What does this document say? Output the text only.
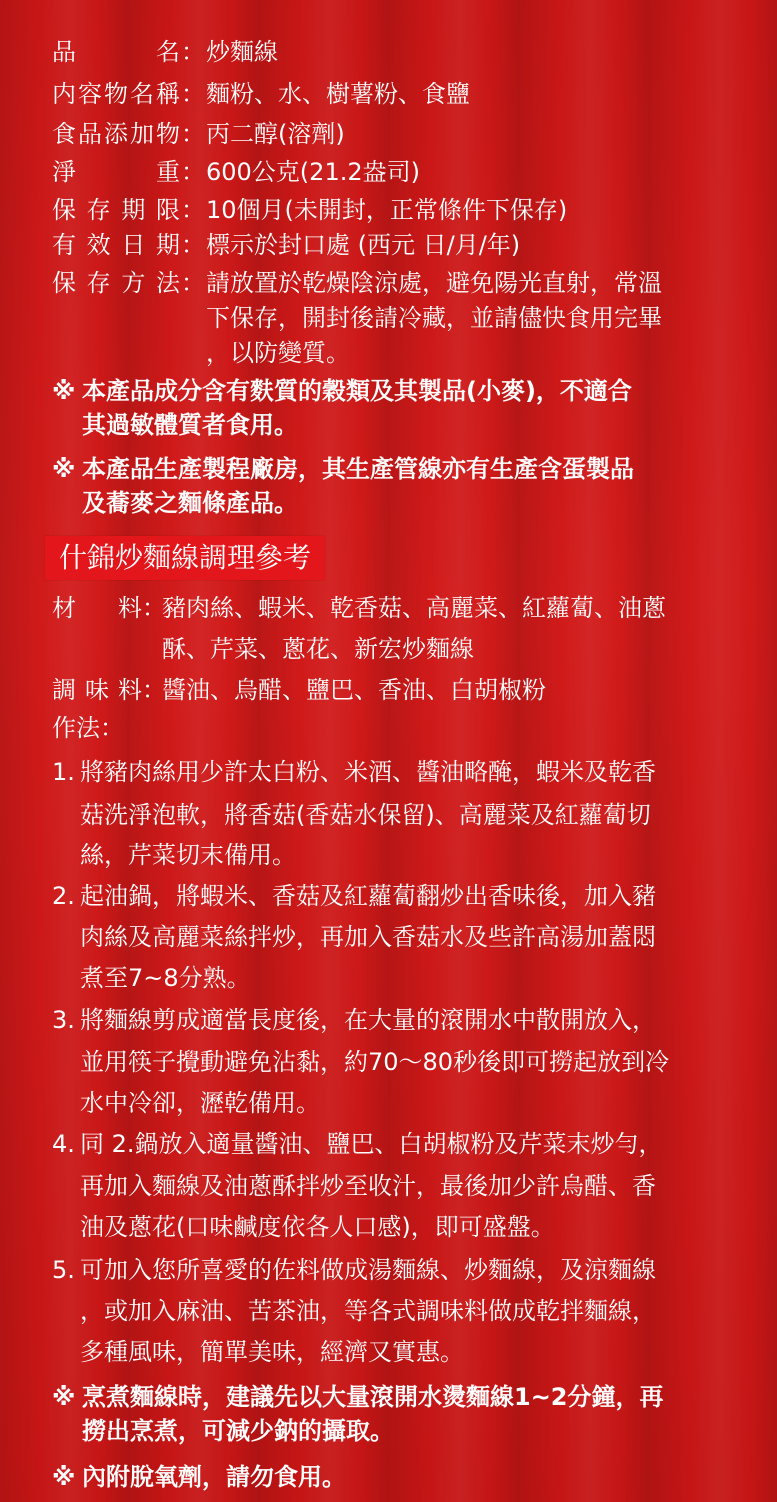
品名：炒麵線
内容物名稱：麵粉、水、樹薯粉、食鹽
食品添加物：丙二醇(溶劑)
淨重：600公克(21.2盎司)
保存期限：10個月(未開封，正常條件下保存)
有效日期：標示於封口處 (西元 日/月/年)
保存方法：請放置於乾燥陰涼處，避免陽光直射，常溫
下保存，開封後請冷藏，並請儘快食用完畢
，以防變質。
※ 本產品成分含有麩質的穀類及其製品(小麥)，不適合
其過敏體質者食用。
※ 本產品生產製程廠房，其生產管線亦有生產含蛋製品
及蕎麥之麵條產品。
什錦炒麵線調理參考
材料：豬肉絲、蝦米、乾香菇、高麗菜、紅蘿蔔、油蔥
酥、芹菜、蔥花、新宏炒麵線
調味料：醬油、烏醋、鹽巴、香油、白胡椒粉
作法：
1. 將豬肉絲用少許太白粉、米酒、醬油略醃，蝦米及乾香
菇洗淨泡軟，將香菇(香菇水保留)、高麗菜及紅蘿蔔切
絲，芹菜切末備用。
2. 起油鍋，將蝦米、香菇及紅蘿蔔翻炒出香味後，加入豬
肉絲及高麗菜絲拌炒，再加入香菇水及些許高湯加蓋悶
煮至7~8分熟。
3. 將麵線剪成適當長度後，在大量的滾開水中散開放入，
並用筷子攪動避免沾黏，約70～80秒後即可撈起放到冷
水中冷卻，瀝乾備用。
4. 同 2.鍋放入適量醬油、鹽巴、白胡椒粉及芹菜末炒勻，
再加入麵線及油蔥酥拌炒至收汁，最後加少許烏醋、香
油及蔥花(口味鹹度依各人口感)，即可盛盤。
5. 可加入您所喜愛的佐料做成湯麵線、炒麵線，及涼麵線
，或加入麻油、苦茶油，等各式調味料做成乾拌麵線，
多種風味，簡單美味，經濟又實惠。
※ 烹煮麵線時，建議先以大量滾開水燙麵線1~2分鐘，再
撈出烹煮，可減少鈉的攝取。
※ 內附脫氧劑，請勿食用。
